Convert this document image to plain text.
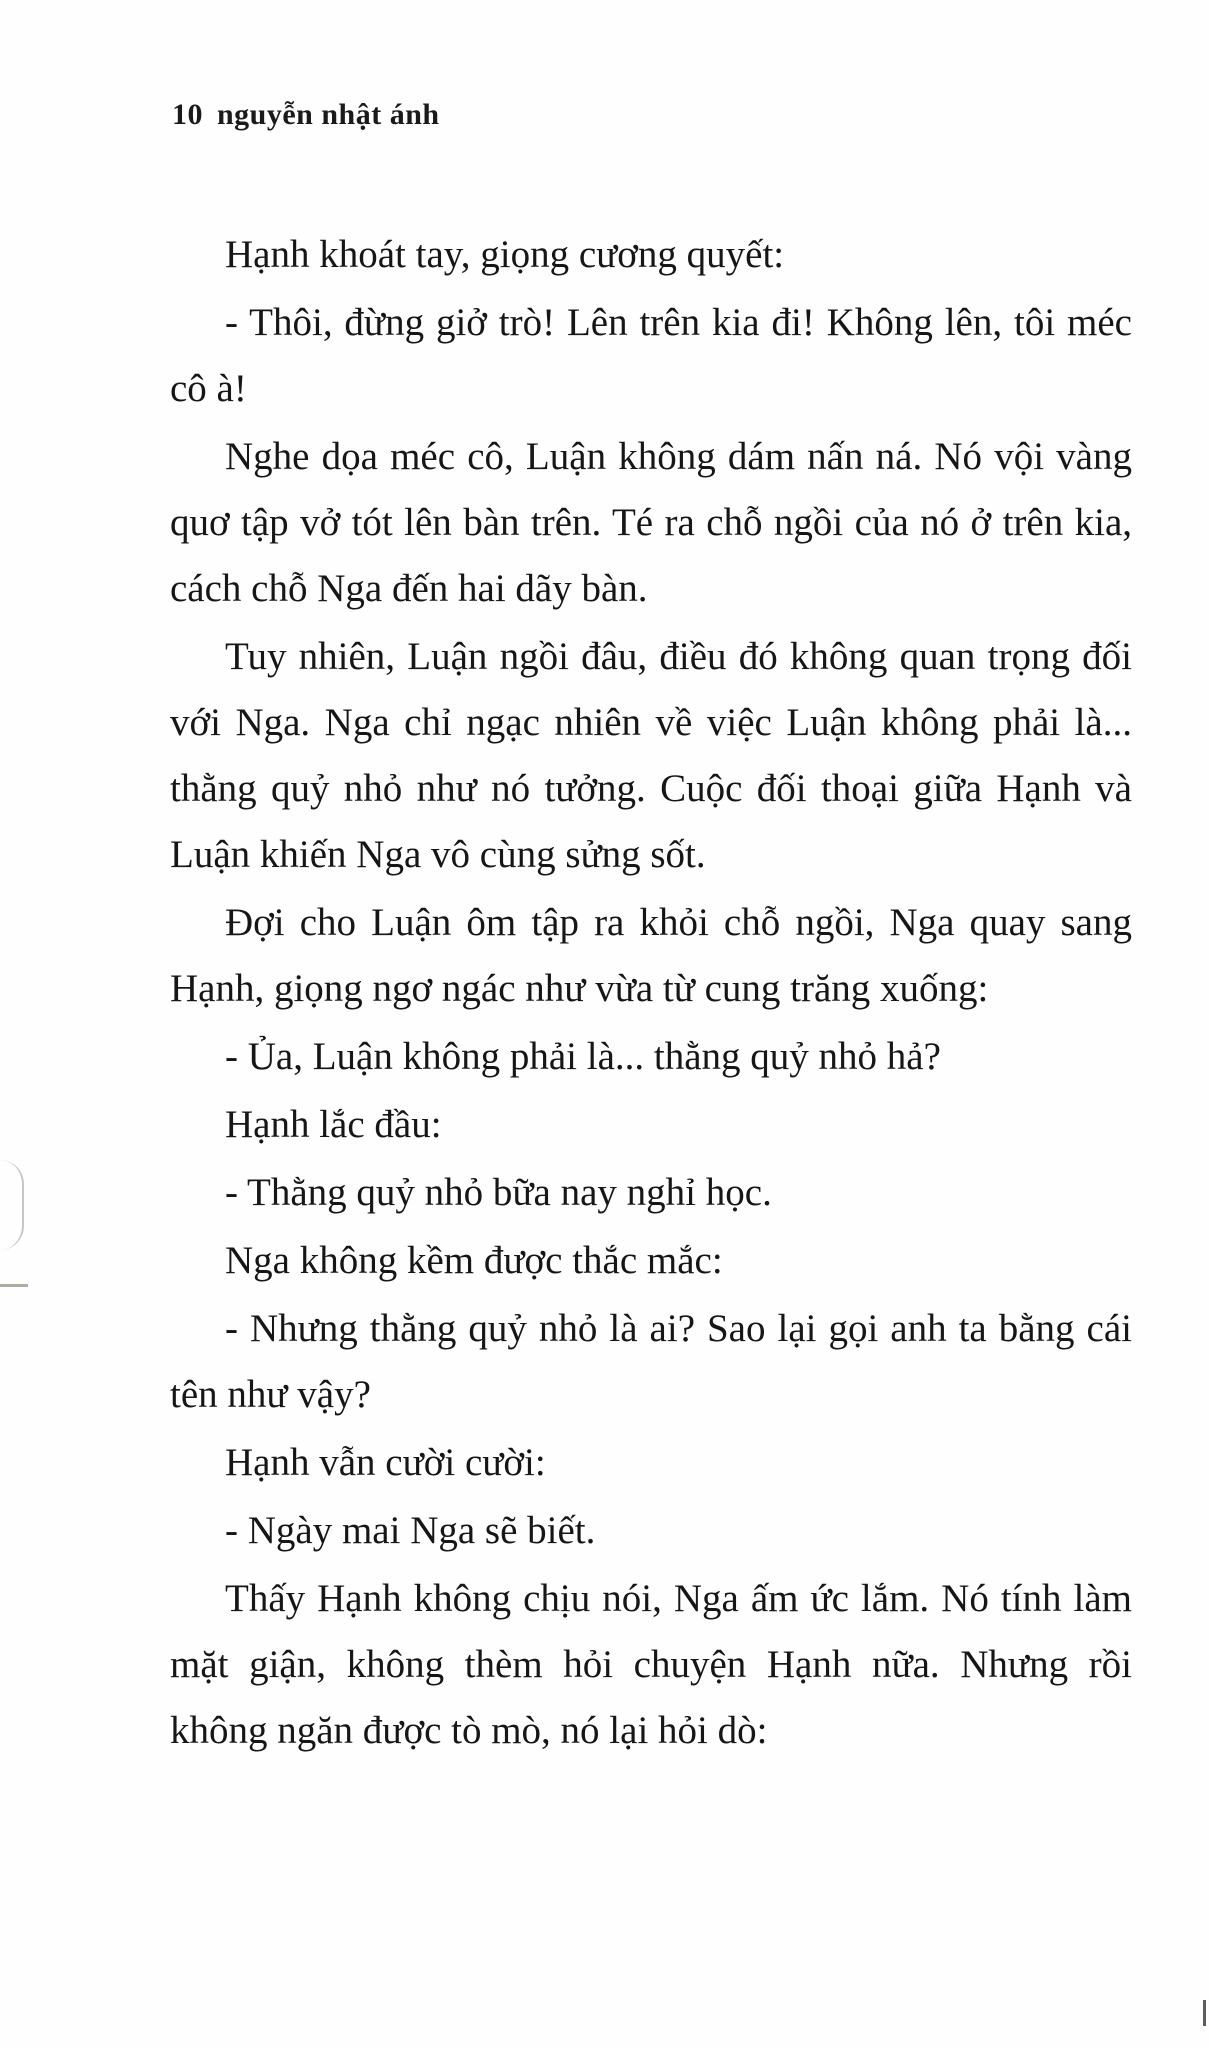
10 nguyễn nhật ánh

Hạnh khoát tay, giọng cương quyết:

- Thôi, đừng giở trò! Lên trên kia đi! Không lên, tôi méc cô à!

Nghe dọa méc cô, Luận không dám nấn ná. Nó vội vàng quơ tập vở tót lên bàn trên. Té ra chỗ ngồi của nó ở trên kia, cách chỗ Nga đến hai dãy bàn.

Tuy nhiên, Luận ngồi đâu, điều đó không quan trọng đối với Nga. Nga chỉ ngạc nhiên về việc Luận không phải là... thằng quỷ nhỏ như nó tưởng. Cuộc đối thoại giữa Hạnh và Luận khiến Nga vô cùng sửng sốt.

Đợi cho Luận ôm tập ra khỏi chỗ ngồi, Nga quay sang Hạnh, giọng ngơ ngác như vừa từ cung trăng xuống:

- Ủa, Luận không phải là... thằng quỷ nhỏ hả?

Hạnh lắc đầu:

- Thằng quỷ nhỏ bữa nay nghỉ học.

Nga không kềm được thắc mắc:

- Nhưng thằng quỷ nhỏ là ai? Sao lại gọi anh ta bằng cái tên như vậy?

Hạnh vẫn cười cười:

- Ngày mai Nga sẽ biết.

Thấy Hạnh không chịu nói, Nga ấm ức lắm. Nó tính làm mặt giận, không thèm hỏi chuyện Hạnh nữa. Nhưng rồi không ngăn được tò mò, nó lại hỏi dò:
